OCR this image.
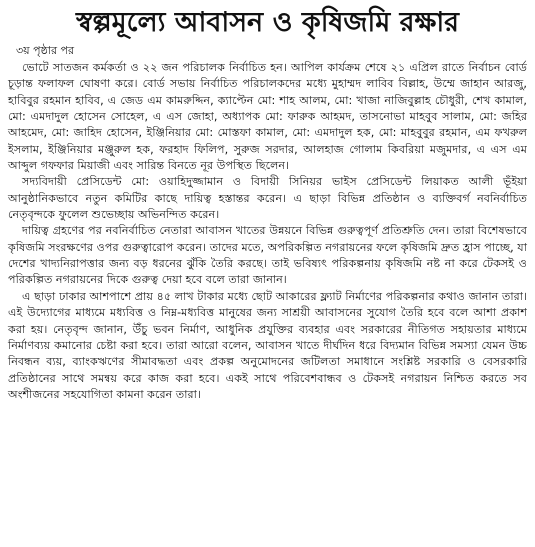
স্বল্পমূল্যে আবাসন ও কৃষিজমি রক্ষার
৩য় পৃষ্ঠার পর

ভোটে সাতজন কর্মকর্তা ও ২২ জন পরিচালক নির্বাচিত হন। আপিল কার্যক্রম শেষে ২১ এপ্রিল রাতে নির্বাচন বোর্ড চূড়ান্ত ফলাফল ঘোষণা করে। বোর্ড সভায় নির্বাচিত পরিচালকদের মধ্যে মুহাম্মদ লাবিব বিল্লাহ, উম্মে জাহান আরজু, হাবিবুর রহমান হাবিব, এ জেড এম কামরুদ্দিন, ক্যাপ্টেন মো: শাহ আলম, মো: খাজা নাজিবুল্লাহ চৌধুরী, শেখ কামাল, মো: এমদাদুল হোসেন সোহেল, এ এস জোহা, অধ্যাপক মো: ফারুক আহমদ, তাসনোভা মাহবুব সালাম, মো: জহির আহমেদ, মো: জাহিদ হোসেন, ইঞ্জিনিয়ার মো: মোস্তফা কামাল, মো: এমদাদুল হক, মো: মাহবুবুর রহমান, এম ফখরুল ইসলাম, ইঞ্জিনিয়ার মঞ্জুরুল হক, ফরহাদ ফিলিপ, সুরুজ সরদার, আলহাজ গোলাম কিবরিয়া মজুমদার, এ এস এম আব্দুল গফফার মিয়াজী এবং সারিন্ত বিনতে নূর উপস্থিত ছিলেন।

সদ্যবিদায়ী প্রেসিডেন্ট মো: ওয়াহিদুজ্জামান ও বিদায়ী সিনিয়র ভাইস প্রেসিডেন্ট লিয়াকত আলী ভূঁইয়া আনুষ্ঠানিকভাবে নতুন কমিটির কাছে দায়িত্ব হস্তান্তর করেন। এ ছাড়া বিভিন্ন প্রতিষ্ঠান ও ব্যক্তিবর্গ নবনির্বাচিত নেতৃবৃন্দকে ফুলেল শুভেচ্ছায় অভিনন্দিত করেন।

দায়িত্ব গ্রহণের পর নবনির্বাচিত নেতারা আবাসন খাতের উন্নয়নে বিভিন্ন গুরুত্বপূর্ণ প্রতিশ্রুতি দেন। তারা বিশেষভাবে কৃষিজমি সংরক্ষণের ওপর গুরুত্বারোপ করেন। তাদের মতে, অপরিকল্পিত নগরায়নের ফলে কৃষিজমি দ্রুত হ্রাস পাচ্ছে, যা দেশের খাদ্যনিরাপত্তার জন্য বড় ধরনের ঝুঁকি তৈরি করছে। তাই ভবিষ্যৎ পরিকল্পনায় কৃষিজমি নষ্ট না করে টেকসই ও পরিকল্পিত নগরায়নের দিকে গুরুত্ব দেয়া হবে বলে তারা জানান।

এ ছাড়া ঢাকার আশপাশে প্রায় ৪৫ লাখ টাকার মধ্যে ছোট আকারের ফ্ল্যাট নির্মাণের পরিকল্পনার কথাও জানান তারা। এই উদ্যোগের মাধ্যমে মধ্যবিত্ত ও নিম্ন-মধ্যবিত্ত মানুষের জন্য সাশ্রয়ী আবাসনের সুযোগ তৈরি হবে বলে আশা প্রকাশ করা হয়। নেতৃবৃন্দ জানান, উঁচু ভবন নির্মাণ, আধুনিক প্রযুক্তির ব্যবহার এবং সরকারের নীতিগত সহায়তার মাধ্যমে নির্মাণব্যয় কমানোর চেষ্টা করা হবে। তারা আরো বলেন, আবাসন খাতে দীর্ঘদিন ধরে বিদ্যমান বিভিন্ন সমস্যা যেমন উচ্চ নিবন্ধন ব্যয়, ব্যাংকঋণের সীমাবদ্ধতা এবং প্রকল্প অনুমোদনের জটিলতা সমাধানে সংশ্লিষ্ট সরকারি ও বেসরকারি প্রতিষ্ঠানের সাথে সমন্বয় করে কাজ করা হবে। একই সাথে পরিবেশবান্ধব ও টেকসই নগরায়ন নিশ্চিত করতে সব অংশীজনের সহযোগিতা কামনা করেন তারা।
